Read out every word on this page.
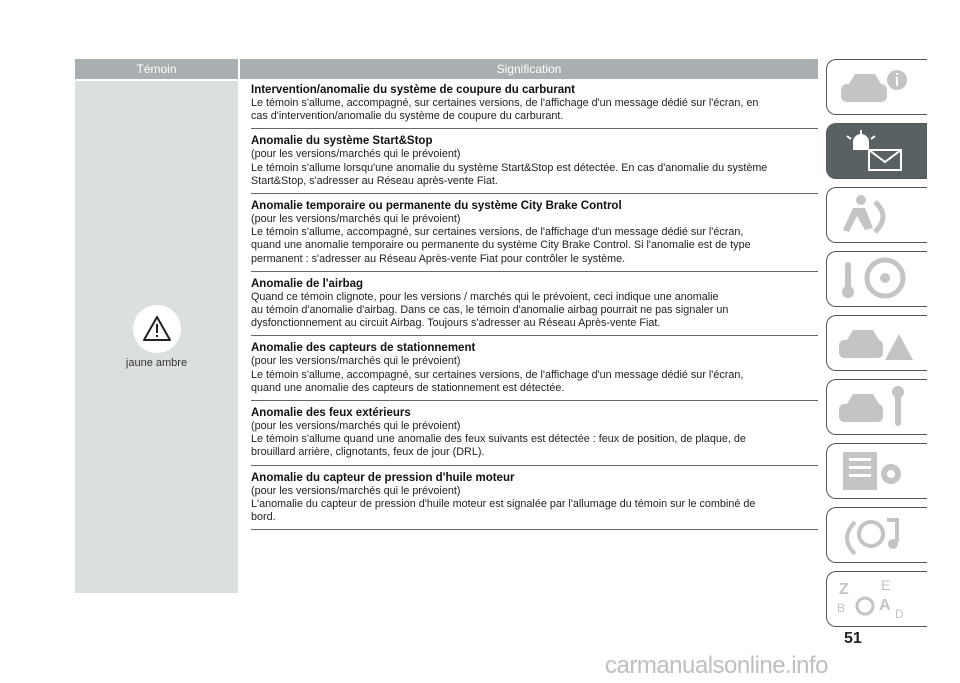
Témoin	Signification
jaune ambre
Intervention/anomalie du système de coupure du carburant
Le témoin s'allume, accompagné, sur certaines versions, de l'affichage d'un message dédié sur l'écran, en
cas d'intervention/anomalie du système de coupure du carburant.
Anomalie du système Start&Stop
(pour les versions/marchés qui le prévoient)
Le témoin s'allume lorsqu'une anomalie du système Start&Stop est détectée. En cas d'anomalie du système
Start&Stop, s'adresser au Réseau après-vente Fiat.
Anomalie temporaire ou permanente du système City Brake Control
(pour les versions/marchés qui le prévoient)
Le témoin s'allume, accompagné, sur certaines versions, de l'affichage d'un message dédié sur l'écran,
quand une anomalie temporaire ou permanente du système City Brake Control. Si l'anomalie est de type
permanent : s'adresser au Réseau Après-vente Fiat pour contrôler le système.
Anomalie de l'airbag
Quand ce témoin clignote, pour les versions / marchés qui le prévoient, ceci indique une anomalie
au témoin d'anomalie d'airbag. Dans ce cas, le témoin d'anomalie airbag pourrait ne pas signaler un
dysfonctionnement au circuit Airbag. Toujours s'adresser au Réseau Après-vente Fiat.
Anomalie des capteurs de stationnement
(pour les versions/marchés qui le prévoient)
Le témoin s'allume, accompagné, sur certaines versions, de l'affichage d'un message dédié sur l'écran,
quand une anomalie des capteurs de stationnement est détectée.
Anomalie des feux extérieurs
(pour les versions/marchés qui le prévoient)
Le témoin s'allume quand une anomalie des feux suivants est détectée : feux de position, de plaque, de
brouillard arrière, clignotants, feux de jour (DRL).
Anomalie du capteur de pression d'huile moteur
(pour les versions/marchés qui le prévoient)
L'anomalie du capteur de pression d'huile moteur est signalée par l'allumage du témoin sur le combiné de
bord.
Z E
B A D
51
carmanualsonline.info
